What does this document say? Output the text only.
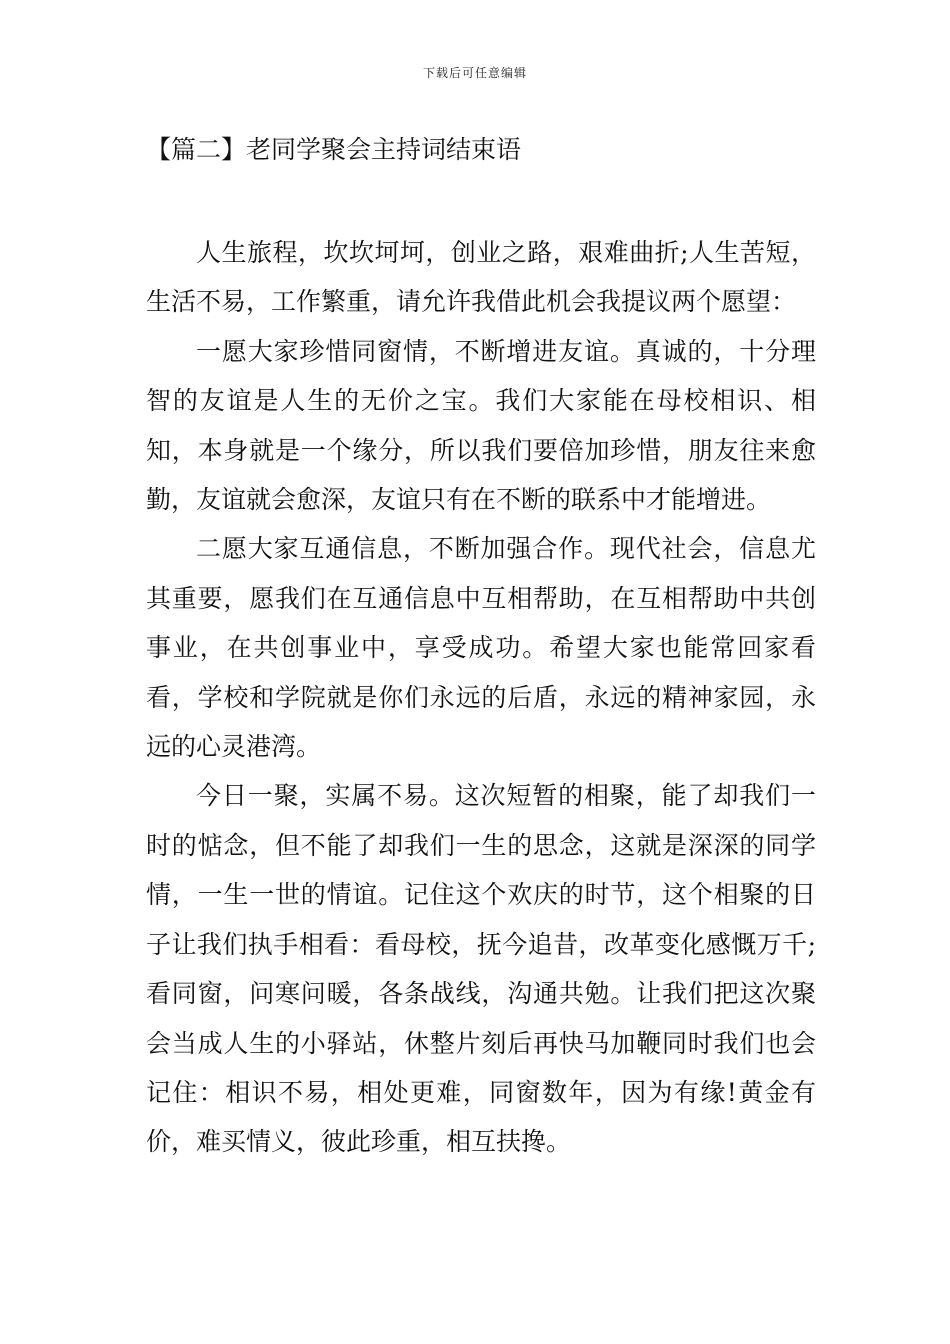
下载后可任意编辑
【篇二】老同学聚会主持词结束语

人生旅程，坎坎坷坷，创业之路，艰难曲折;人生苦短，生活不易，工作繁重，请允许我借此机会我提议两个愿望：

一愿大家珍惜同窗情，不断增进友谊。真诚的，十分理智的友谊是人生的无价之宝。我们大家能在母校相识、相知，本身就是一个缘分，所以我们要倍加珍惜，朋友往来愈勤，友谊就会愈深，友谊只有在不断的联系中才能增进。

二愿大家互通信息，不断加强合作。现代社会，信息尤其重要，愿我们在互通信息中互相帮助，在互相帮助中共创事业，在共创事业中，享受成功。希望大家也能常回家看看，学校和学院就是你们永远的后盾，永远的精神家园，永远的心灵港湾。

今日一聚，实属不易。这次短暂的相聚，能了却我们一时的惦念，但不能了却我们一生的思念，这就是深深的同学情，一生一世的情谊。记住这个欢庆的时节，这个相聚的日子让我们执手相看：看母校，抚今追昔，改革变化感慨万千;看同窗，问寒问暖，各条战线，沟通共勉。让我们把这次聚会当成人生的小驿站，休整片刻后再快马加鞭同时我们也会记住：相识不易，相处更难，同窗数年，因为有缘!黄金有价，难买情义，彼此珍重，相互扶搀。
